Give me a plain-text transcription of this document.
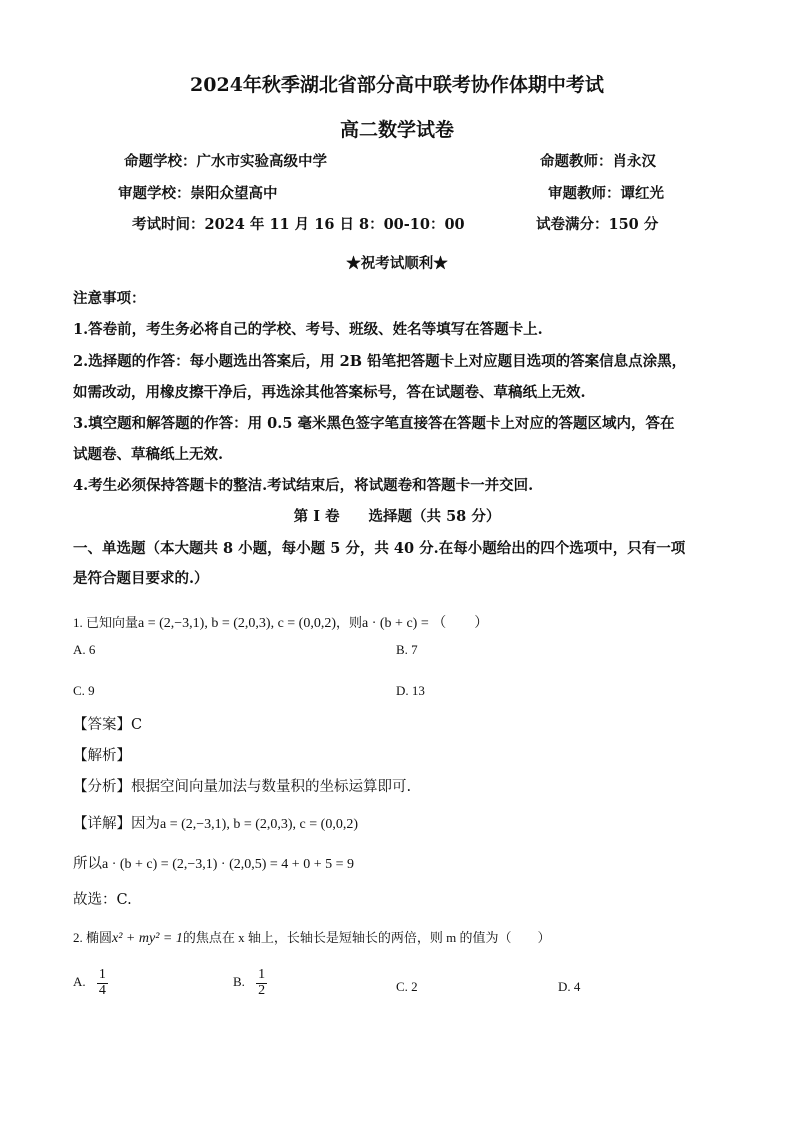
2024年秋季湖北省部分高中联考协作体期中考试
高二数学试卷
命题学校：广水市实验高级中学	命题教师：肖永汉
审题学校：崇阳众望高中	审题教师：谭红光
考试时间：2024 年 11 月 16 日 8：00-10：00	试卷满分：150 分
★祝考试顺利★
注意事项：
1.答卷前，考生务必将自己的学校、考号、班级、姓名等填写在答题卡上.
2.选择题的作答：每小题选出答案后，用 2B 铅笔把答题卡上对应题目选项的答案信息点涂黑，
如需改动，用橡皮擦干净后，再选涂其他答案标号，答在试题卷、草稿纸上无效.
3.填空题和解答题的作答：用 0.5 毫米黑色签字笔直接答在答题卡上对应的答题区域内，答在
试题卷、草稿纸上无效.
4.考生必须保持答题卡的整洁.考试结束后，将试题卷和答题卡一并交回.
第 I 卷　　选择题（共 58 分）
一、单选题（本大题共 8 小题，每小题 5 分，共 40 分.在每小题给出的四个选项中，只有一项
是符合题目要求的.）
1. 已知向量a = (2,−3,1), b = (2,0,3), c = (0,0,2)，则a · (b + c) = （　　）
A. 6	B. 7
C. 9	D. 13
【答案】C
【解析】
【分析】根据空间向量加法与数量积的坐标运算即可.
【详解】因为a = (2,−3,1), b = (2,0,3), c = (0,0,2)
所以a · (b + c) = (2,−3,1) · (2,0,5) = 4 + 0 + 5 = 9
故选：C.
2. 椭圆x² + my² = 1的焦点在 x 轴上，长轴长是短轴长的两倍，则 m 的值为（　　）
A. $\frac{1}{4}$	B. $\frac{1}{2}$	C. 2	D. 4
